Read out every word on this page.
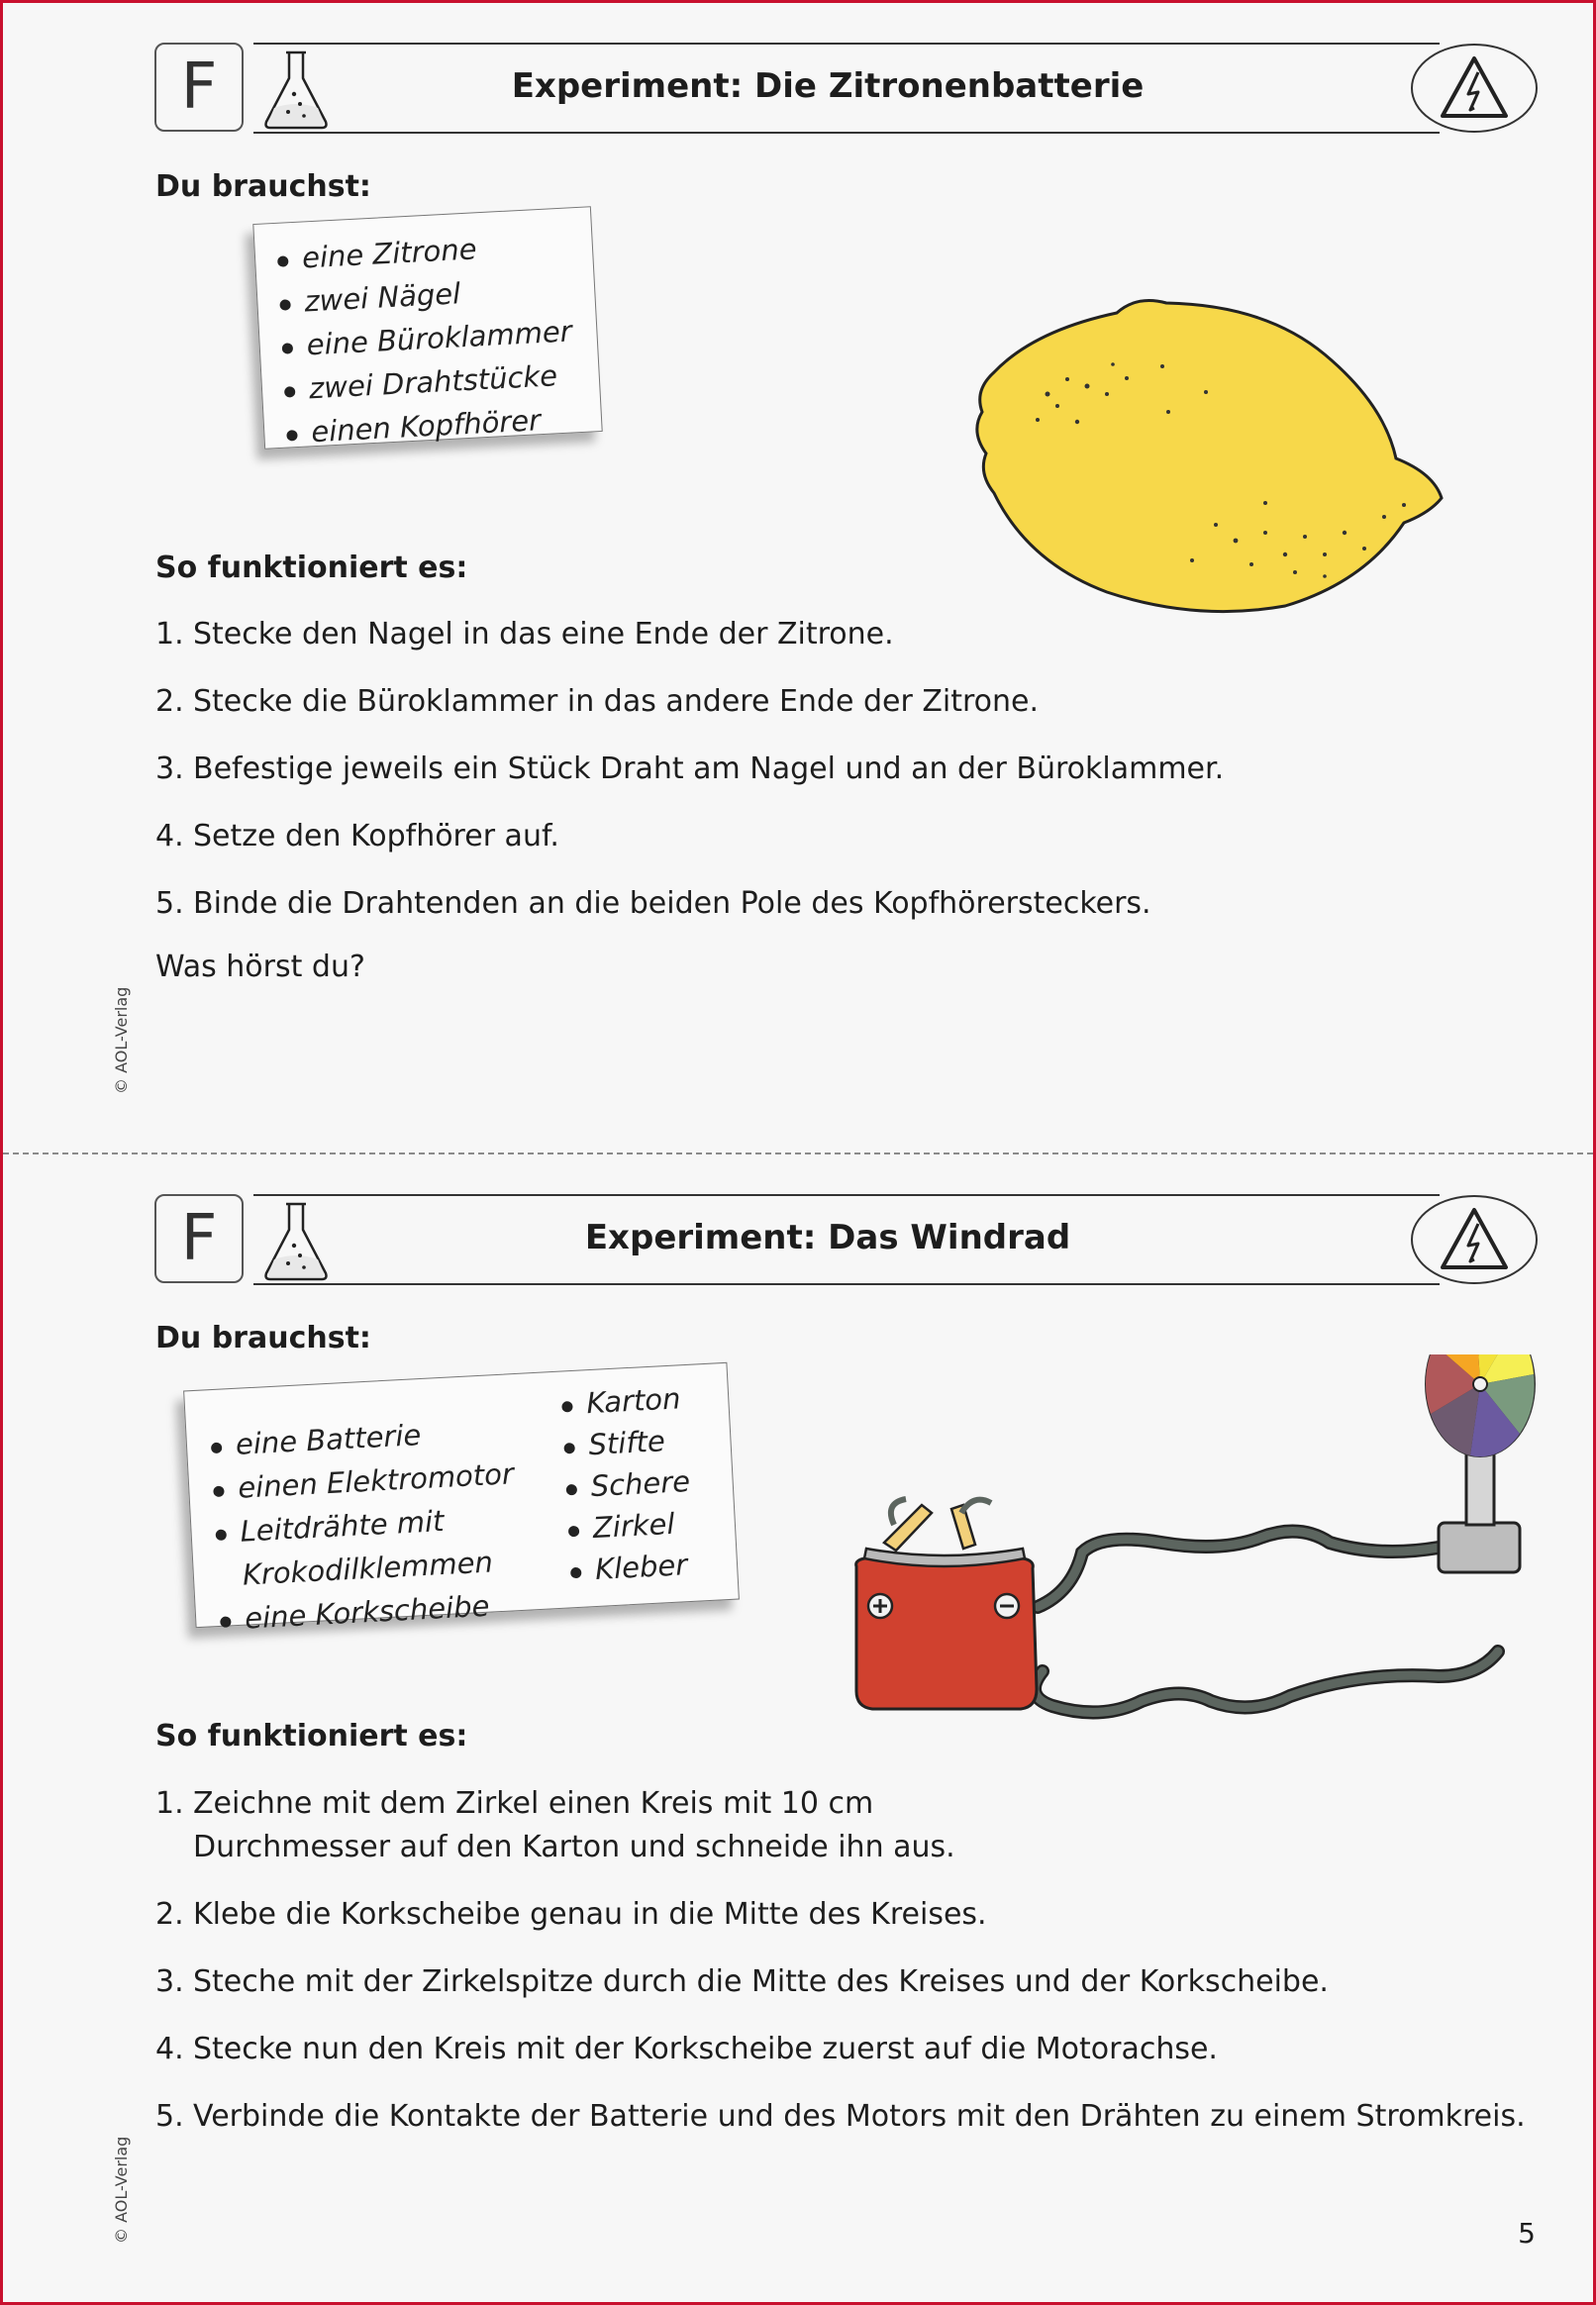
F	Experiment: Die Zitronenbatterie
Du brauchst:
eine Zitrone
zwei Nägel
eine Büroklammer
zwei Drahtstücke
einen Kopfhörer
So funktioniert es:
1. Stecke den Nagel in das eine Ende der Zitrone.
2. Stecke die Büroklammer in das andere Ende der Zitrone.
3. Befestige jeweils ein Stück Draht am Nagel und an der Büroklammer.
4. Setze den Kopfhörer auf.
5. Binde die Drahtenden an die beiden Pole des Kopfhörersteckers.
Was hörst du?
© AOL-Verlag
F	Experiment: Das Windrad
Du brauchst:
eine Batterie
einen Elektromotor
Leitdrähte mit
Krokodilklemmen
eine Korkscheibe
Karton
Stifte
Schere
Zirkel
Kleber
So funktioniert es:
1. Zeichne mit dem Zirkel einen Kreis mit 10 cm
Durchmesser auf den Karton und schneide ihn aus.
2. Klebe die Korkscheibe genau in die Mitte des Kreises.
3. Steche mit der Zirkelspitze durch die Mitte des Kreises und der Korkscheibe.
4. Stecke nun den Kreis mit der Korkscheibe zuerst auf die Motorachse.
5. Verbinde die Kontakte der Batterie und des Motors mit den Drähten zu einem Stromkreis.
© AOL-Verlag	5
